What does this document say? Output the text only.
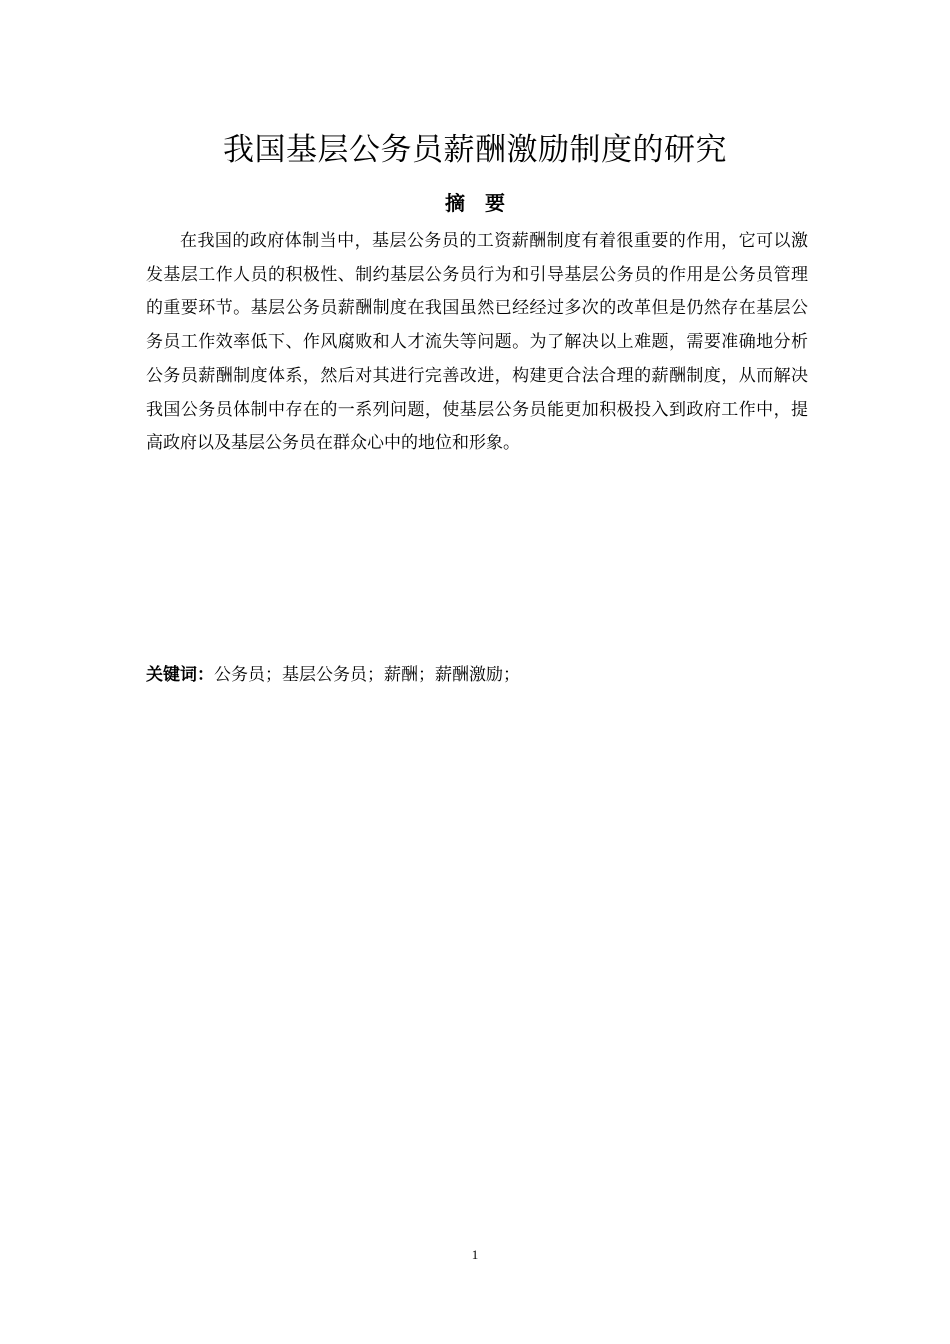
我国基层公务员薪酬激励制度的研究
摘要

在我国的政府体制当中，基层公务员的工资薪酬制度有着很重要的作用，它可以激发基层工作人员的积极性、制约基层公务员行为和引导基层公务员的作用是公务员管理的重要环节。基层公务员薪酬制度在我国虽然已经经过多次的改革但是仍然存在基层公务员工作效率低下、作风腐败和人才流失等问题。为了解决以上难题，需要准确地分析公务员薪酬制度体系，然后对其进行完善改进，构建更合法合理的薪酬制度，从而解决我国公务员体制中存在的一系列问题，使基层公务员能更加积极投入到政府工作中，提高政府以及基层公务员在群众心中的地位和形象。

关键词：公务员；基层公务员；薪酬；薪酬激励；
1
